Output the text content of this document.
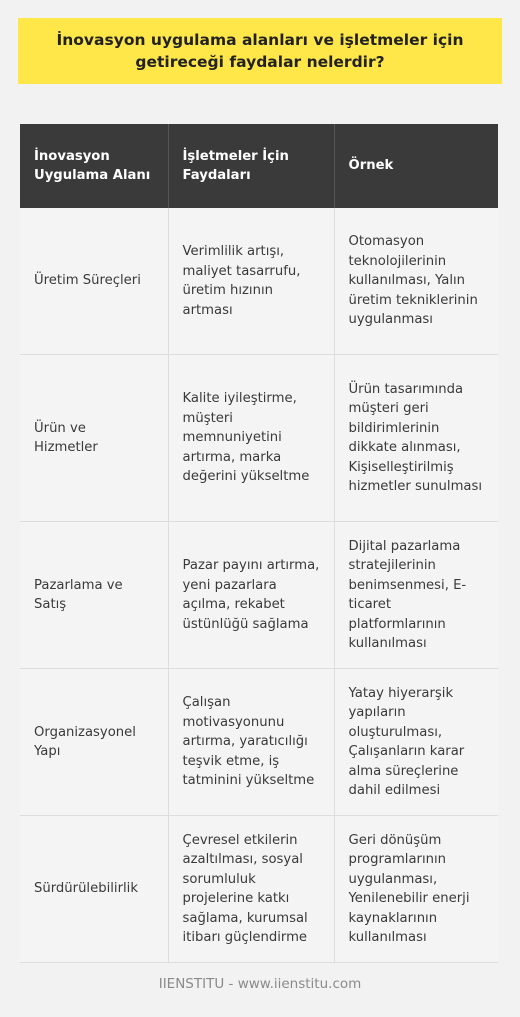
İnovasyon uygulama alanları ve işletmeler için getireceği faydalar nelerdir?
İnovasyon Uygulama Alanı	İşletmeler İçin Faydaları	Örnek
Üretim Süreçleri	Verimlilik artışı, maliyet tasarrufu, üretim hızının artması	Otomasyon teknolojilerinin kullanılması, Yalın üretim tekniklerinin uygulanması
Ürün ve Hizmetler	Kalite iyileştirme, müşteri memnuniyetini artırma, marka değerini yükseltme	Ürün tasarımında müşteri geri bildirimlerinin dikkate alınması, Kişiselleştirilmiş hizmetler sunulması
Pazarlama ve Satış	Pazar payını artırma, yeni pazarlara açılma, rekabet üstünlüğü sağlama	Dijital pazarlama stratejilerinin benimsenmesi, E-ticaret platformlarının kullanılması
Organizasyonel Yapı	Çalışan motivasyonunu artırma, yaratıcılığı teşvik etme, iş tatminini yükseltme	Yatay hiyerarşik yapıların oluşturulması, Çalışanların karar alma süreçlerine dahil edilmesi
Sürdürülebilirlik	Çevresel etkilerin azaltılması, sosyal sorumluluk projelerine katkı sağlama, kurumsal itibarı güçlendirme	Geri dönüşüm programlarının uygulanması, Yenilenebilir enerji kaynaklarının kullanılması
IIENSTITU - www.iienstitu.com
